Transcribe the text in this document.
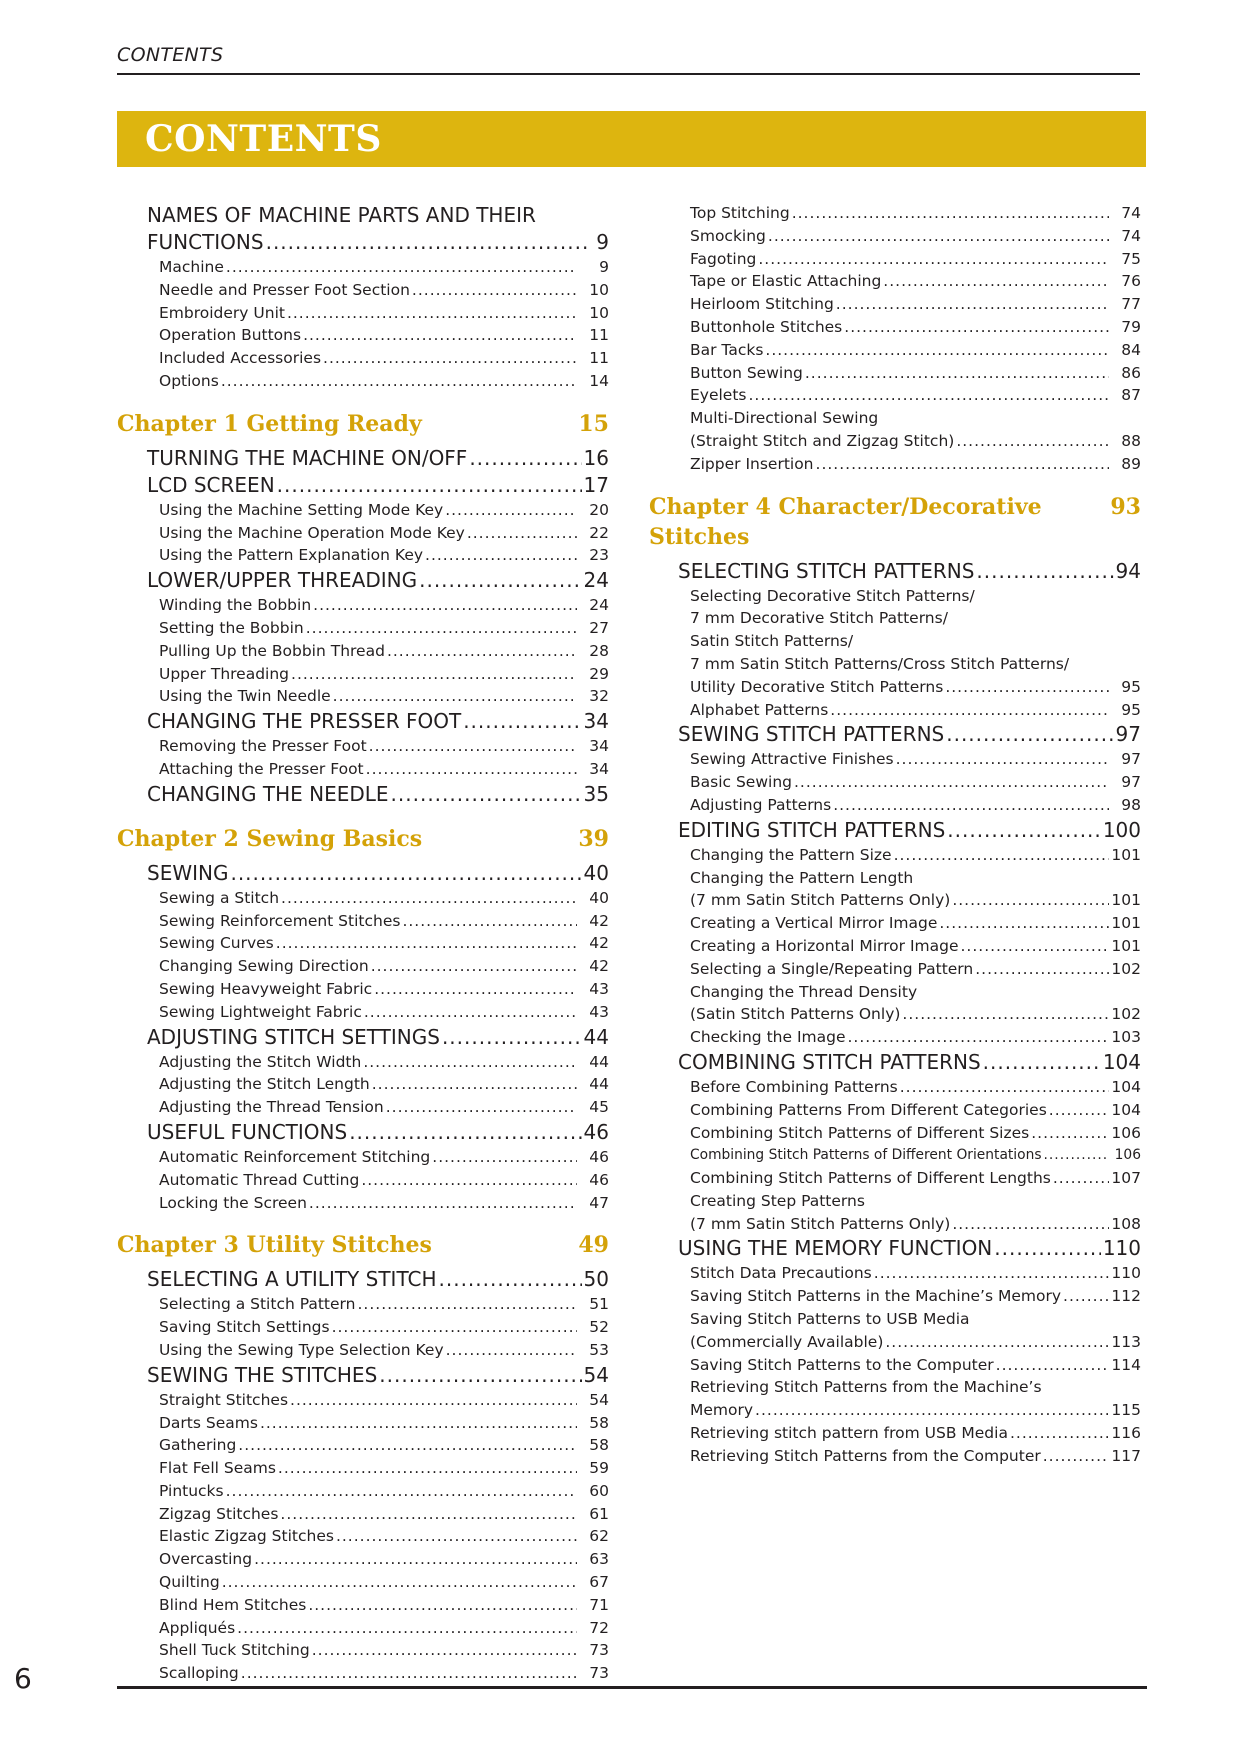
CONTENTS
CONTENTS
NAMES OF MACHINE PARTS AND THEIR
FUNCTIONS .....	9
Machine .....	9
Needle and Presser Foot Section .....	10
Embroidery Unit .....	10
Operation Buttons .....	11
Included Accessories .....	11
Options .....	14
Chapter 1 Getting Ready	15
TURNING THE MACHINE ON/OFF .....	16
LCD SCREEN .....	17
Using the Machine Setting Mode Key .....	20
Using the Machine Operation Mode Key .....	22
Using the Pattern Explanation Key .....	23
LOWER/UPPER THREADING .....	24
Winding the Bobbin .....	24
Setting the Bobbin .....	27
Pulling Up the Bobbin Thread .....	28
Upper Threading .....	29
Using the Twin Needle .....	32
CHANGING THE PRESSER FOOT .....	34
Removing the Presser Foot .....	34
Attaching the Presser Foot .....	34
CHANGING THE NEEDLE .....	35
Chapter 2 Sewing Basics	39
SEWING .....	40
Sewing a Stitch .....	40
Sewing Reinforcement Stitches .....	42
Sewing Curves .....	42
Changing Sewing Direction .....	42
Sewing Heavyweight Fabric .....	43
Sewing Lightweight Fabric .....	43
ADJUSTING STITCH SETTINGS .....	44
Adjusting the Stitch Width .....	44
Adjusting the Stitch Length .....	44
Adjusting the Thread Tension .....	45
USEFUL FUNCTIONS .....	46
Automatic Reinforcement Stitching .....	46
Automatic Thread Cutting .....	46
Locking the Screen .....	47
Chapter 3 Utility Stitches	49
SELECTING A UTILITY STITCH .....	50
Selecting a Stitch Pattern .....	51
Saving Stitch Settings .....	52
Using the Sewing Type Selection Key .....	53
SEWING THE STITCHES .....	54
Straight Stitches .....	54
Darts Seams .....	58
Gathering .....	58
Flat Fell Seams .....	59
Pintucks .....	60
Zigzag Stitches .....	61
Elastic Zigzag Stitches .....	62
Overcasting .....	63
Quilting .....	67
Blind Hem Stitches .....	71
Appliqués .....	72
Shell Tuck Stitching .....	73
Scalloping .....	73
Top Stitching .....	74
Smocking .....	74
Fagoting .....	75
Tape or Elastic Attaching .....	76
Heirloom Stitching .....	77
Buttonhole Stitches .....	79
Bar Tacks .....	84
Button Sewing .....	86
Eyelets .....	87
Multi-Directional Sewing
(Straight Stitch and Zigzag Stitch) .....	88
Zipper Insertion .....	89
Chapter 4 Character/Decorative Stitches
93
SELECTING STITCH PATTERNS .....	94
Selecting Decorative Stitch Patterns/
7 mm Decorative Stitch Patterns/
Satin Stitch Patterns/
7 mm Satin Stitch Patterns/Cross Stitch Patterns/
Utility Decorative Stitch Patterns .....	95
Alphabet Patterns .....	95
SEWING STITCH PATTERNS .....	97
Sewing Attractive Finishes .....	97
Basic Sewing .....	97
Adjusting Patterns .....	98
EDITING STITCH PATTERNS .....	100
Changing the Pattern Size .....	101
Changing the Pattern Length
(7 mm Satin Stitch Patterns Only) .....	101
Creating a Vertical Mirror Image .....	101
Creating a Horizontal Mirror Image .....	101
Selecting a Single/Repeating Pattern .....	102
Changing the Thread Density
(Satin Stitch Patterns Only) .....	102
Checking the Image .....	103
COMBINING STITCH PATTERNS .....	104
Before Combining Patterns .....	104
Combining Patterns From Different Categories .....	104
Combining Stitch Patterns of Different Sizes .....	106
Combining Stitch Patterns of Different Orientations .....	106
Combining Stitch Patterns of Different Lengths .....	107
Creating Step Patterns
(7 mm Satin Stitch Patterns Only) .....	108
USING THE MEMORY FUNCTION .....	110
Stitch Data Precautions .....	110
Saving Stitch Patterns in the Machine’s Memory .....	112
Saving Stitch Patterns to USB Media
(Commercially Available) .....	113
Saving Stitch Patterns to the Computer .....	114
Retrieving Stitch Patterns from the Machine’s
Memory .....	115
Retrieving stitch pattern from USB Media .....	116
Retrieving Stitch Patterns from the Computer .....	117
6
